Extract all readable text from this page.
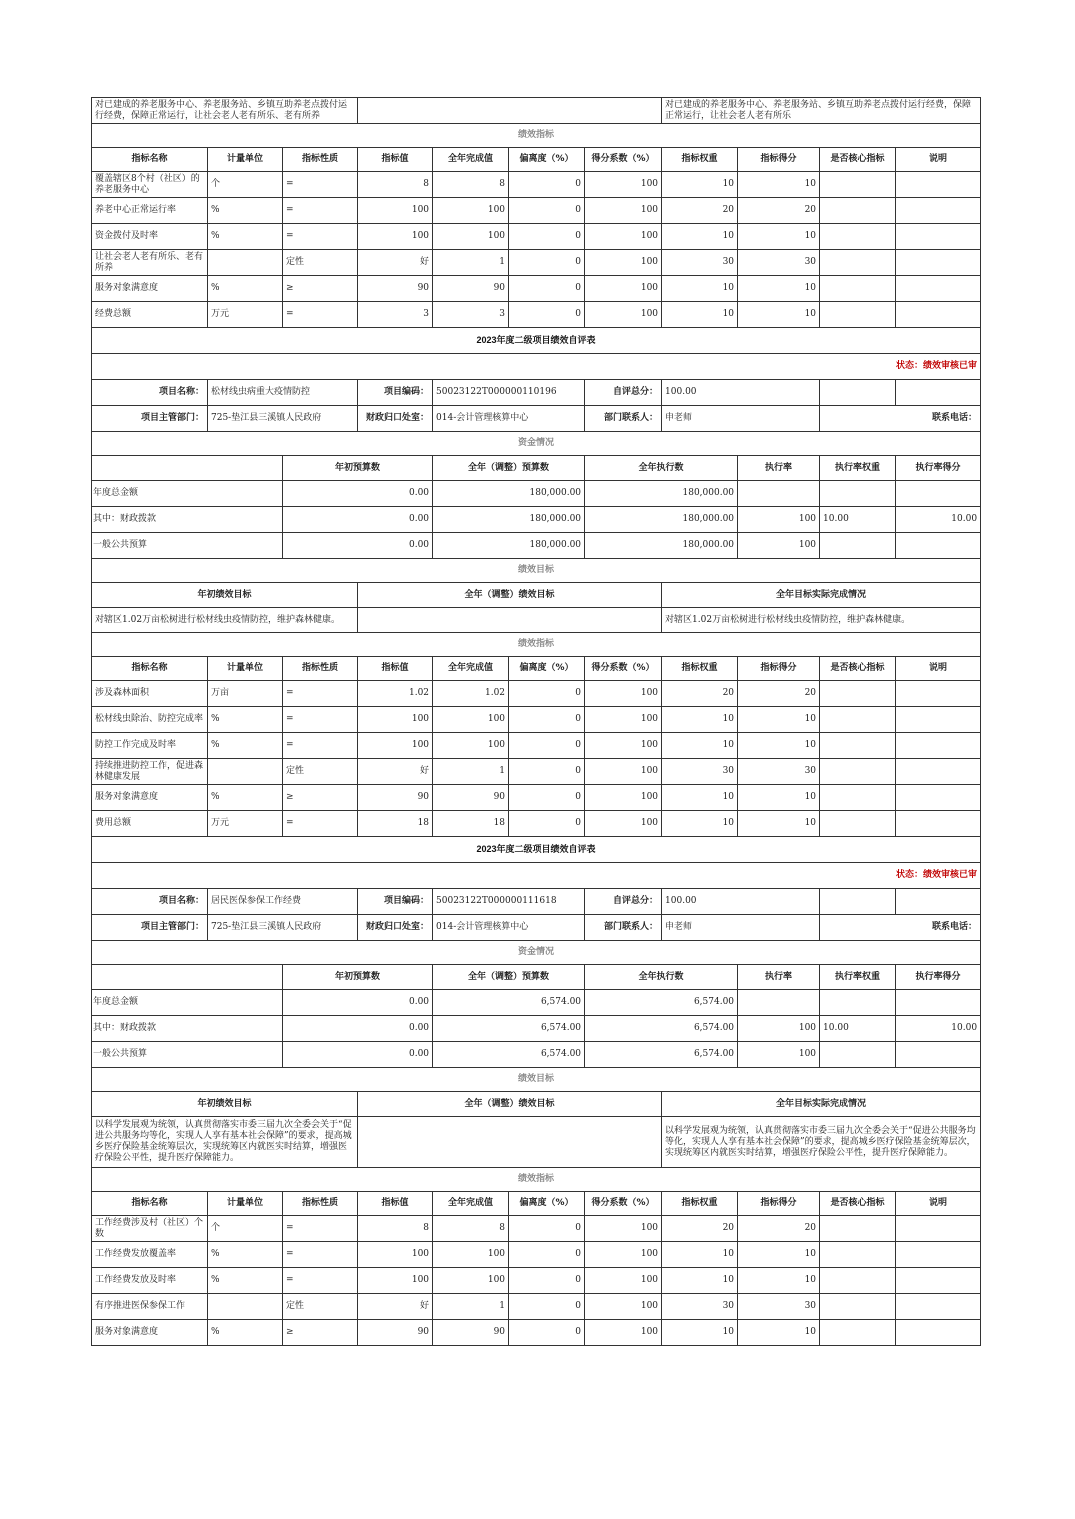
对已建成的养老服务中心、养老服务站、乡镇互助养老点拨付运行经费，保障正常运行，让社会老人老有所乐、老有所养							对已建成的养老服务中心、养老服务站、乡镇互助养老点拨付运行经费，保障正常运行，让社会老人老有所乐				
绩效指标											
指标名称	计量单位	指标性质	指标值	全年完成值	偏离度（%）	得分系数（%）	指标权重	指标得分	是否核心指标	说明	
覆盖辖区8个村（社区）的养老服务中心	个	=	8	8	0	100	10	10			
养老中心正常运行率	%	=	100	100	0	100	20	20			
资金拨付及时率	%	=	100	100	0	100	10	10			
让社会老人老有所乐、老有所养		定性	好	1	0	100	30	30			
服务对象满意度	%	≥	90	90	0	100	10	10			
经费总额	万元	=	3	3	0	100	10	10			
2023年度二级项目绩效自评表											
状态：绩效审核已审											
项目名称：	松材线虫病重大疫情防控		项目编码：	50023122T000000110196		自评总分：	100.00				
项目主管部门：	725-垫江县三溪镇人民政府		财政归口处室：	014-会计管理核算中心		部门联系人：	申老师		联系电话：	
资金情况											
		年初预算数		全年（调整）预算数		全年执行数		执行率	执行率权重	执行率得分	
年度总金额		0.00		180,000.00		180,000.00					
其中：财政拨款		0.00		180,000.00		180,000.00		100	10.00	10.00	
一般公共预算		0.00		180,000.00		180,000.00		100			
绩效目标											
年初绩效目标			全年（调整）绩效目标				全年目标实际完成情况				
对辖区1.02万亩松树进行松材线虫疫情防控，维护森林健康。							对辖区1.02万亩松树进行松材线虫疫情防控，维护森林健康。				
绩效指标											
指标名称	计量单位	指标性质	指标值	全年完成值	偏离度（%）	得分系数（%）	指标权重	指标得分	是否核心指标	说明	
涉及森林面积	万亩	=	1.02	1.02	0	100	20	20			
松材线虫除治、防控完成率	%	=	100	100	0	100	10	10			
防控工作完成及时率	%	=	100	100	0	100	10	10			
持续推进防控工作，促进森林健康发展		定性	好	1	0	100	30	30			
服务对象满意度	%	≥	90	90	0	100	10	10			
费用总额	万元	=	18	18	0	100	10	10			
2023年度二级项目绩效自评表											
状态：绩效审核已审											
项目名称：	居民医保参保工作经费		项目编码：	50023122T000000111618		自评总分：	100.00				
项目主管部门：	725-垫江县三溪镇人民政府		财政归口处室：	014-会计管理核算中心		部门联系人：	申老师		联系电话：	
资金情况											
		年初预算数		全年（调整）预算数		全年执行数		执行率	执行率权重	执行率得分	
年度总金额		0.00		6,574.00		6,574.00					
其中：财政拨款		0.00		6,574.00		6,574.00		100	10.00	10.00	
一般公共预算		0.00		6,574.00		6,574.00		100			
绩效目标											
年初绩效目标			全年（调整）绩效目标				全年目标实际完成情况				
以科学发展观为统领，认真贯彻落实市委三届九次全委会关于“促进公共服务均等化，实现人人享有基本社会保障”的要求，提高城乡医疗保险基金统筹层次，实现统筹区内就医实时结算，增强医疗保险公平性，提升医疗保障能力。							以科学发展观为统领，认真贯彻落实市委三届九次全委会关于“促进公共服务均等化，实现人人享有基本社会保障”的要求，提高城乡医疗保险基金统筹层次，实现统筹区内就医实时结算，增强医疗保险公平性，提升医疗保障能力。				
绩效指标											
指标名称	计量单位	指标性质	指标值	全年完成值	偏离度（%）	得分系数（%）	指标权重	指标得分	是否核心指标	说明	
工作经费涉及村（社区）个数	个	=	8	8	0	100	20	20			
工作经费发放覆盖率	%	=	100	100	0	100	10	10			
工作经费发放及时率	%	=	100	100	0	100	10	10			
有序推进医保参保工作		定性	好	1	0	100	30	30			
服务对象满意度	%	≥	90	90	0	100	10	10			
